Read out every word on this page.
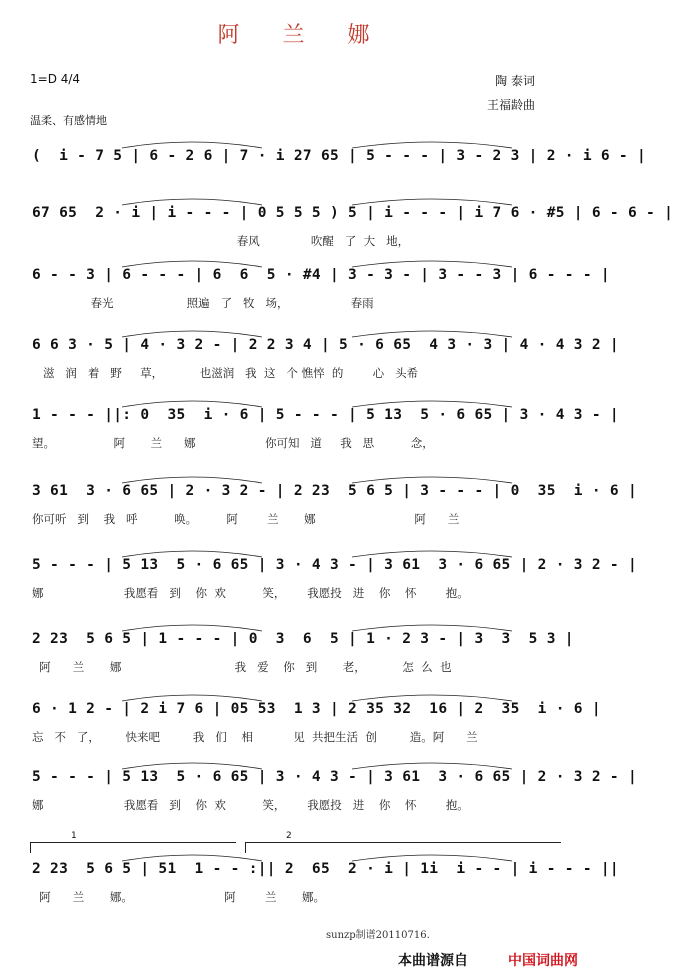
阿 兰 娜
1=D 4/4	陶 泰词
王福龄曲
温柔、有感情地
(  i - 7 5 | 6 - 2 6 | 7 · i 27 65 | 5 - - - | 3 - 2 3 | 2 · i 6 - |
67 65  2 · i | i - - - | 0 5 5 5 ) 5 | i - - - | i 7 6 · #5 | 6 - 6 - |
春风              吹醒   了  大   地，
6 - - 3 | 6 - - - | 6  6  5 · #4 | 3 - 3 - | 3 - - 3 | 6 - - - |
春光                    照遍   了   牧   场，                 春雨
6 6 3 · 5 | 4 · 3 2 - | 2 2 3 4 | 5 · 6 65  4 3 · 3 | 4 · 4 3 2 |
滋   润   着   野     草，          也滋润   我  这   个 憔悴  的        心   头希
1 - - - ||: 0  35  i · 6 | 5 - - - | 5 13  5 · 6 65 | 3 · 4 3 - |
望。                阿       兰      娜                   你可知   道     我   思          念，
3 61  3 · 6 65 | 2 · 3 2 - | 2 23  5 6 5 | 3 - - - | 0  35  i · 6 |
你可听   到    我   呼          唤。        阿        兰       娜                           阿      兰
5 - - - | 5 13  5 · 6 65 | 3 · 4 3 - | 3 61  3 · 6 65 | 2 · 3 2 - |
娜                      我愿看   到    你  欢          笑，      我愿投   进    你    怀        抱。
2 23  5 6 5 | 1 - - - | 0  3  6  5 | 1 · 2 3 - | 3  3  5 3 |
阿      兰       娜                               我   爱    你   到       老，          怎  么  也
6 · 1 2 - | 2 i 7 6 | 05 53  1 3 | 2 35 32  16 | 2  35  i · 6 |
忘   不   了，       快来吧         我   们    相           见  共把生活  创         造。阿      兰
5 - - - | 5 13  5 · 6 65 | 3 · 4 3 - | 3 61  3 · 6 65 | 2 · 3 2 - |
娜                      我愿看   到    你  欢          笑，      我愿投   进    你    怀        抱。
2 23  5 6 5 | 51  1 - - :|| 2  65  2 · i | 1i  i - - | i - - - ||
阿      兰       娜。                         阿        兰       娜。
1	2
sunzp制谱20110716.
本曲谱源自	中国词曲网
